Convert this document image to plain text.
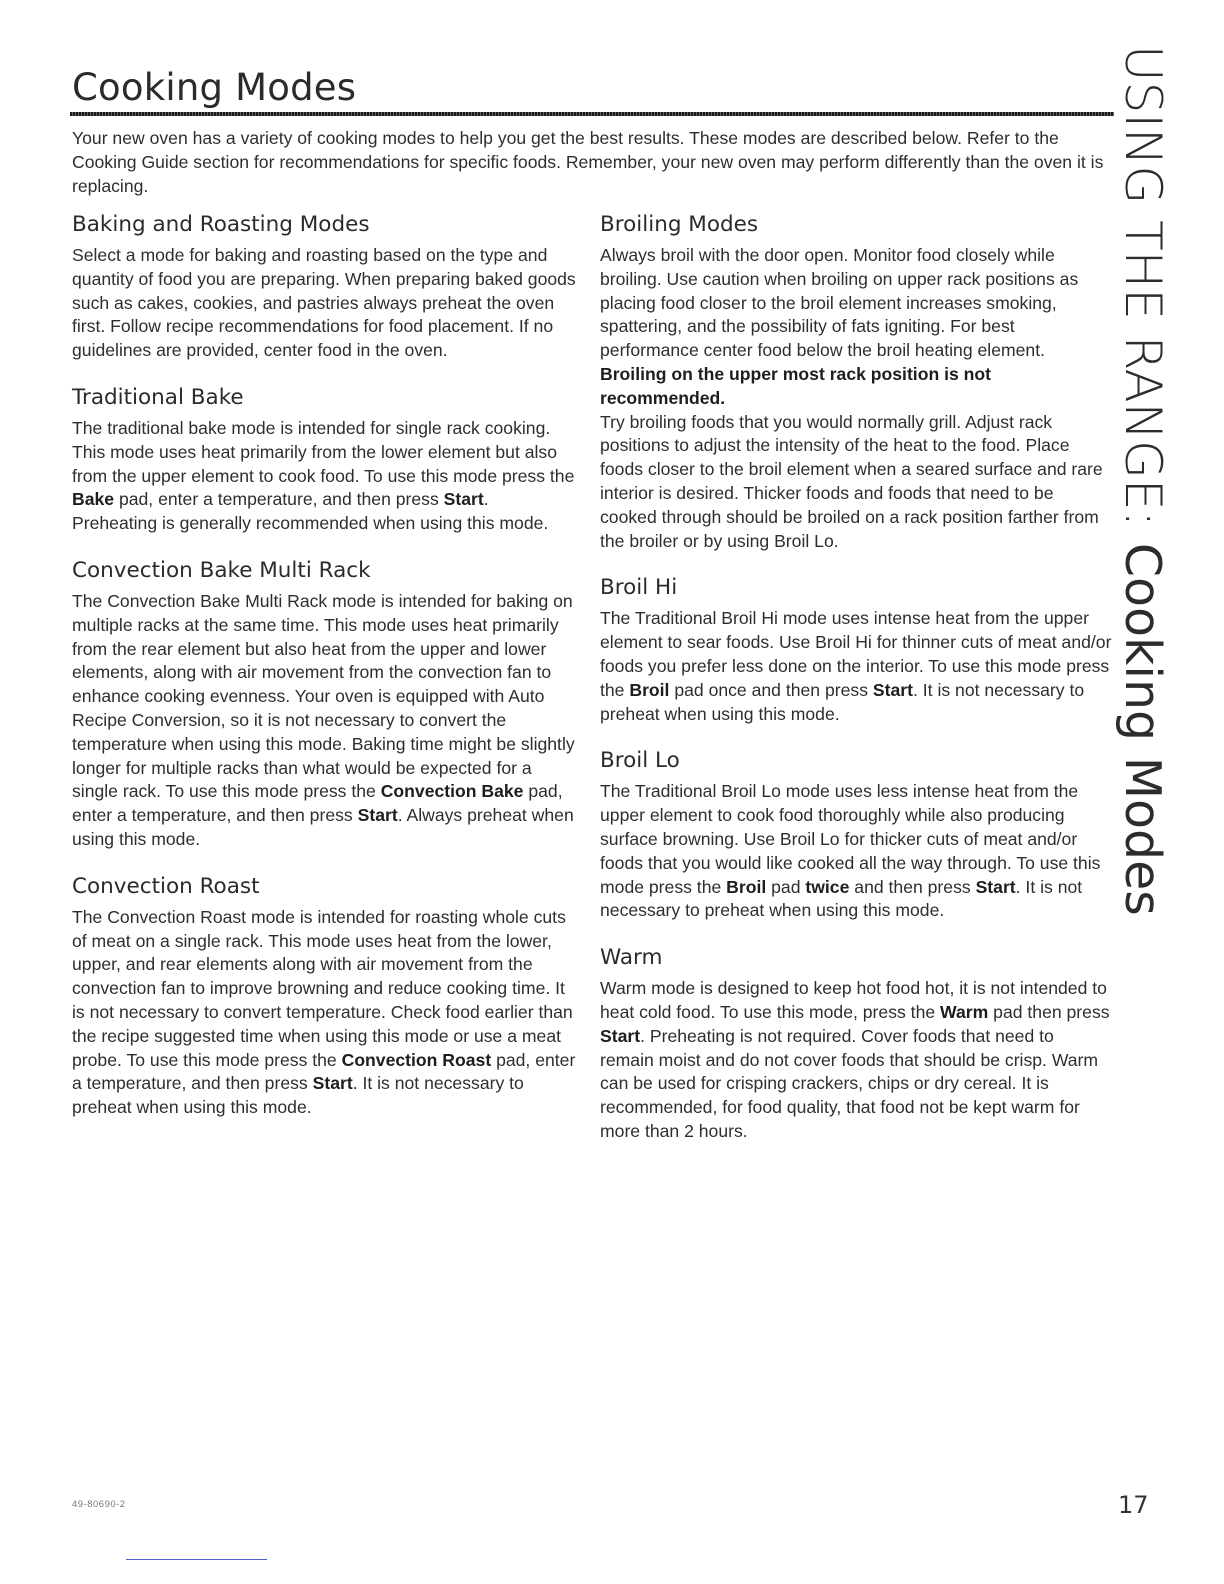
Cooking Modes

Your new oven has a variety of cooking modes to help you get the best results. These modes are described below. Refer to the Cooking Guide section for recommendations for specific foods. Remember, your new oven may perform differently than the oven it is replacing.

Baking and Roasting Modes

Select a mode for baking and roasting based on the type and quantity of food you are preparing. When preparing baked goods such as cakes, cookies, and pastries always preheat the oven first. Follow recipe recommendations for food placement. If no guidelines are provided, center food in the oven.

Traditional Bake

The traditional bake mode is intended for single rack cooking. This mode uses heat primarily from the lower element but also from the upper element to cook food. To use this mode press the Bake pad, enter a temperature, and then press Start. Preheating is generally recommended when using this mode.

Convection Bake Multi Rack

The Convection Bake Multi Rack mode is intended for baking on multiple racks at the same time. This mode uses heat primarily from the rear element but also heat from the upper and lower elements, along with air movement from the convection fan to enhance cooking evenness. Your oven is equipped with Auto Recipe Conversion, so it is not necessary to convert the temperature when using this mode. Baking time might be slightly longer for multiple racks than what would be expected for a single rack. To use this mode press the Convection Bake pad, enter a temperature, and then press Start. Always preheat when using this mode.

Convection Roast

The Convection Roast mode is intended for roasting whole cuts of meat on a single rack. This mode uses heat from the lower, upper, and rear elements along with air movement from the convection fan to improve browning and reduce cooking time. It is not necessary to convert temperature. Check food earlier than the recipe suggested time when using this mode or use a meat probe. To use this mode press the Convection Roast pad, enter a temperature, and then press Start. It is not necessary to preheat when using this mode.

Broiling Modes

Always broil with the door open. Monitor food closely while broiling. Use caution when broiling on upper rack positions as placing food closer to the broil element increases smoking, spattering, and the possibility of fats igniting. For best performance center food below the broil heating element. Broiling on the upper most rack position is not recommended.

Try broiling foods that you would normally grill. Adjust rack positions to adjust the intensity of the heat to the food. Place foods closer to the broil element when a seared surface and rare interior is desired. Thicker foods and foods that need to be cooked through should be broiled on a rack position farther from the broiler or by using Broil Lo.

Broil Hi

The Traditional Broil Hi mode uses intense heat from the upper element to sear foods. Use Broil Hi for thinner cuts of meat and/or foods you prefer less done on the interior. To use this mode press the Broil pad once and then press Start. It is not necessary to preheat when using this mode.

Broil Lo

The Traditional Broil Lo mode uses less intense heat from the upper element to cook food thoroughly while also producing surface browning. Use Broil Lo for thicker cuts of meat and/or foods that you would like cooked all the way through. To use this mode press the Broil pad twice and then press Start. It is not necessary to preheat when using this mode.

Warm

Warm mode is designed to keep hot food hot, it is not intended to heat cold food. To use this mode, press the Warm pad then press Start. Preheating is not required. Cover foods that need to remain moist and do not cover foods that should be crisp. Warm can be used for crisping crackers, chips or dry cereal. It is recommended, for food quality, that food not be kept warm for more than 2 hours.

USING THE RANGE: Cooking Modes
49-80690-2	17
